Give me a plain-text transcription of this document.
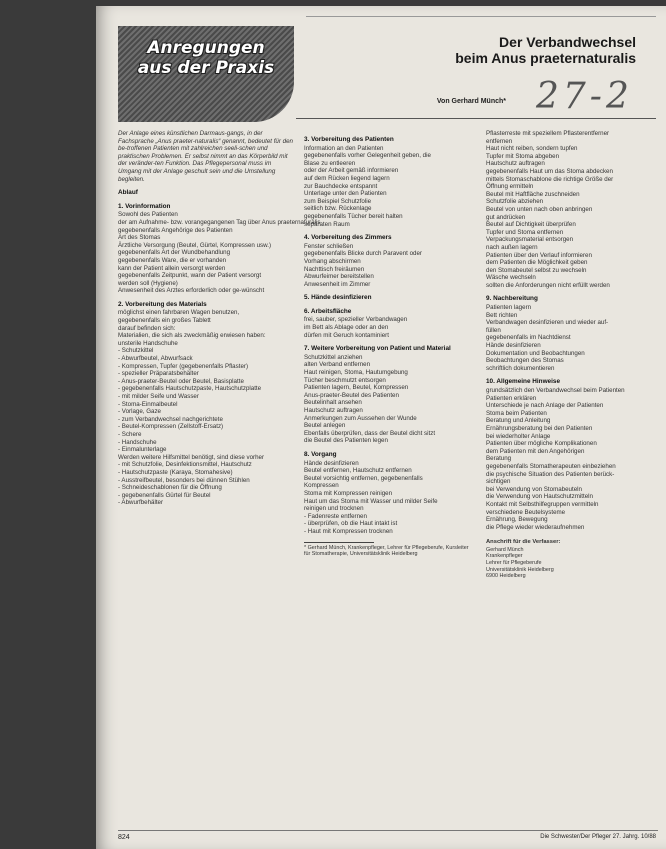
Anregungen
aus der Praxis
Der Verbandwechsel
beim Anus praeternaturalis
27-2
Von Gerhard Münch*
Der Anlage eines künstlichen Darmaus-gangs, in der Fachsprache „Anus praeter-naturalis“ genannt, bedeutet für den be-troffenen Patienten mit zahlreichen seeli-schen und praktischen Problemen. Er selbst nimmt an das Körperbild mit der veränder-ten Funktion. Das Pflegepersonal muss im Umgang mit der Anlage geschult sein und die Umstellung begleiten.
Ablauf
1. Vorinformation
Sowohl des Patienten
der am Aufnahme- bzw. vorangegangenen Tag über Anus praeternaturalis
gegebenenfalls Angehörige des Patienten
Art des Stomas
Ärztliche Versorgung (Beutel, Gürtel, Kompressen usw.)
gegebenenfalls Art der Wundbehandlung
gegebenenfalls Ware, die er vorhanden
kann der Patient allein versorgt werden
gegebenenfalls Zeitpunkt, wann der Patient versorgt
werden soll (Hygiene)
Anwesenheit des Arztes erforderlich oder ge-wünscht
2. Vorbereitung des Materials
möglichst einen fahrbaren Wagen benutzen,
gegebenenfalls ein großes Tablett
darauf befinden sich:
Materialien, die sich als zweckmäßig erwiesen haben:
unsterile Handschuhe
- Schutzkittel
- Abwurfbeutel, Abwurfsack
- Kompressen, Tupfer (gegebenenfalls Pflaster)
- spezieller Präparatsbehälter
- Anus-praeter-Beutel oder Beutel, Basisplatte
- gegebenenfalls Hautschutzpaste, Hautschutzplatte
- mit milder Seife und Wasser
- Stoma-Einmalbeutel
- Vorlage, Gaze
- zum Verbandwechsel nachgerichtete
- Beutel-Kompressen (Zellstoff-Ersatz)
- Schere
- Handschuhe
- Einmalunterlage
Werden weitere Hilfsmittel benötigt, sind diese vorher
- mit Schutzfolie, Desinfektionsmittel, Hautschutz
- Hautschutzpaste (Karaya, Stomahesive)
- Ausstreifbeutel, besonders bei dünnen Stühlen
- Schneideschablonen für die Öffnung
- gegebenenfalls Gürtel für Beutel
- Abwurfbehälter
3. Vorbereitung des Patienten
Information an den Patienten
gegebenenfalls vorher Gelegenheit geben, die
Blase zu entleeren
oder der Arbeit gemäß informieren
auf dem Rücken liegend lagern
zur Bauchdecke entspannt
Unterlage unter den Patienten
zum Beispiel Schutzfolie
seitlich bzw. Rückenlage
gegebenenfalls Tücher bereit halten
separaten Raum
4. Vorbereitung des Zimmers
Fenster schließen
gegebenenfalls Blicke durch Paravent oder
Vorhang abschirmen
Nachttisch freiräumen
Abwurfeimer bereitstellen
Anwesenheit im Zimmer
5. Hände desinfizieren
6. Arbeitsfläche
frei, sauber, spezieller Verbandwagen
im Bett als Ablage oder an den
dürfen mit Geruch kontaminiert
7. Weitere Vorbereitung von Patient und Material
Schutzkittel anziehen
alten Verband entfernen
Haut reinigen, Stoma, Hautumgebung
Tücher beschmutzt entsorgen
Patienten lagern, Beutel, Kompressen
Anus-praeter-Beutel des Patienten
Beutelinhalt ansehen
Hautschutz auftragen
Anmerkungen zum Aussehen der Wunde
Beutel anlegen
Ebenfalls überprüfen, dass der Beutel dicht sitzt
die Beutel des Patienten legen
8. Vorgang
Hände desinfizieren
Beutel entfernen, Hautschutz entfernen
Beutel vorsichtig entfernen, gegebenenfalls
Kompressen
Stoma mit Kompressen reinigen
Haut um das Stoma mit Wasser und milder Seife
reinigen und trocknen
- Fadenreste entfernen
- überprüfen, ob die Haut intakt ist
- Haut mit Kompressen trocknen
* Gerhard Münch, Krankenpfleger, Lehrer für Pflegeberufe, Kursleiter für Stomatherapie, Universitätsklinik Heidelberg
Pflasterreste mit speziellem Pflasterentferner
entfernen
Haut nicht reiben, sondern tupfen
Tupfer mit Stoma abgeben
Hautschutz auftragen
gegebenenfalls Haut um das Stoma abdecken
mittels Stomaschablone die richtige Größe der
Öffnung ermitteln
Beutel mit Haftfläche zuschneiden
Schutzfolie abziehen
Beutel von unten nach oben anbringen
gut andrücken
Beutel auf Dichtigkeit überprüfen
Tupfer und Stoma entfernen
Verpackungsmaterial entsorgen
nach außen lagern
Patienten über den Verlauf informieren
dem Patienten die Möglichkeit geben
den Stomabeutel selbst zu wechseln
Wäsche wechseln
sollten die Anforderungen nicht erfüllt werden
9. Nachbereitung
Patienten lagern
Bett richten
Verbandwagen desinfizieren und wieder auf-
füllen
gegebenenfalls im Nachtdienst
Hände desinfizieren
Dokumentation und Beobachtungen
Beobachtungen des Stomas
schriftlich dokumentieren
10. Allgemeine Hinweise
grundsätzlich den Verbandwechsel beim Patienten
Patienten erklären
Unterschiede je nach Anlage der Patienten
Stoma beim Patienten
Beratung und Anleitung
Ernährungsberatung bei den Patienten
bei wiederholter Anlage
Patienten über mögliche Komplikationen
dem Patienten mit den Angehörigen
Beratung
gegebenenfalls Stomatherapeuten einbeziehen
die psychische Situation des Patienten berück-
sichtigen
bei Verwendung von Stomabeuteln
die Verwendung von Hautschutzmitteln
Kontakt mit Selbsthilfegruppen vermitteln
verschiedene Beutelsysteme
Ernährung, Bewegung
die Pflege wieder wiederaufnehmen
Anschrift für die Verfasser:
Gerhard Münch
Krankenpfleger
Lehrer für Pflegeberufe
Universitätsklinik Heidelberg
6900 Heidelberg
824	Die Schwester/Der Pfleger 27. Jahrg. 10/88
